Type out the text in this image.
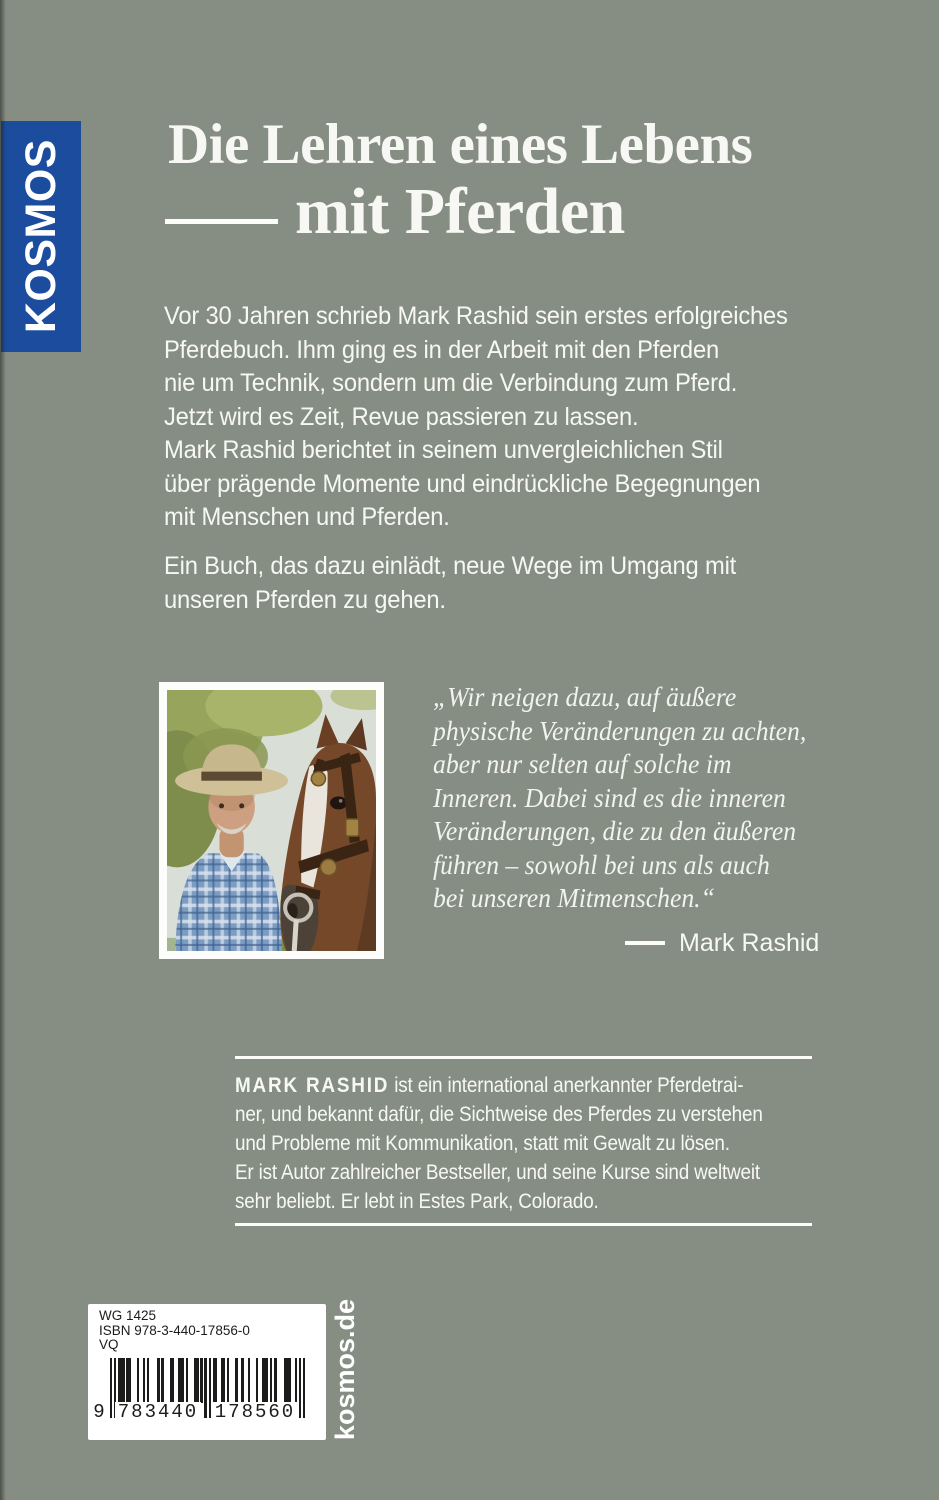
KOSMOS Die Lehren eines Lebens
mit Pferden
Vor 30 Jahren schrieb Mark Rashid sein erstes erfolgreiches
Pferdebuch. Ihm ging es in der Arbeit mit den Pferden
nie um Technik, sondern um die Verbindung zum Pferd.
Jetzt wird es Zeit, Revue passieren zu lassen.
Mark Rashid berichtet in seinem unvergleichlichen Stil
über prägende Momente und eindrückliche Begegnungen
mit Menschen und Pferden.
Ein Buch, das dazu einlädt, neue Wege im Umgang mit
unseren Pferden zu gehen.
„Wir neigen dazu, auf äußere
physische Veränderungen zu achten,
aber nur selten auf solche im
Inneren. Dabei sind es die inneren
Veränderungen, die zu den äußeren
führen – sowohl bei uns als auch
bei unseren Mitmenschen.“
Mark Rashid
MARK RASHID ist ein international anerkannter Pferdetrai-
ner, und bekannt dafür, die Sichtweise des Pferdes zu verstehen
und Probleme mit Kommunikation, statt mit Gewalt zu lösen.
Er ist Autor zahlreicher Bestseller, und seine Kurse sind weltweit
sehr beliebt. Er lebt in Estes Park, Colorado.
WG 1425
ISBN 978-3-440-17856-0
VQ
9 783440 178560 kosmos.de
